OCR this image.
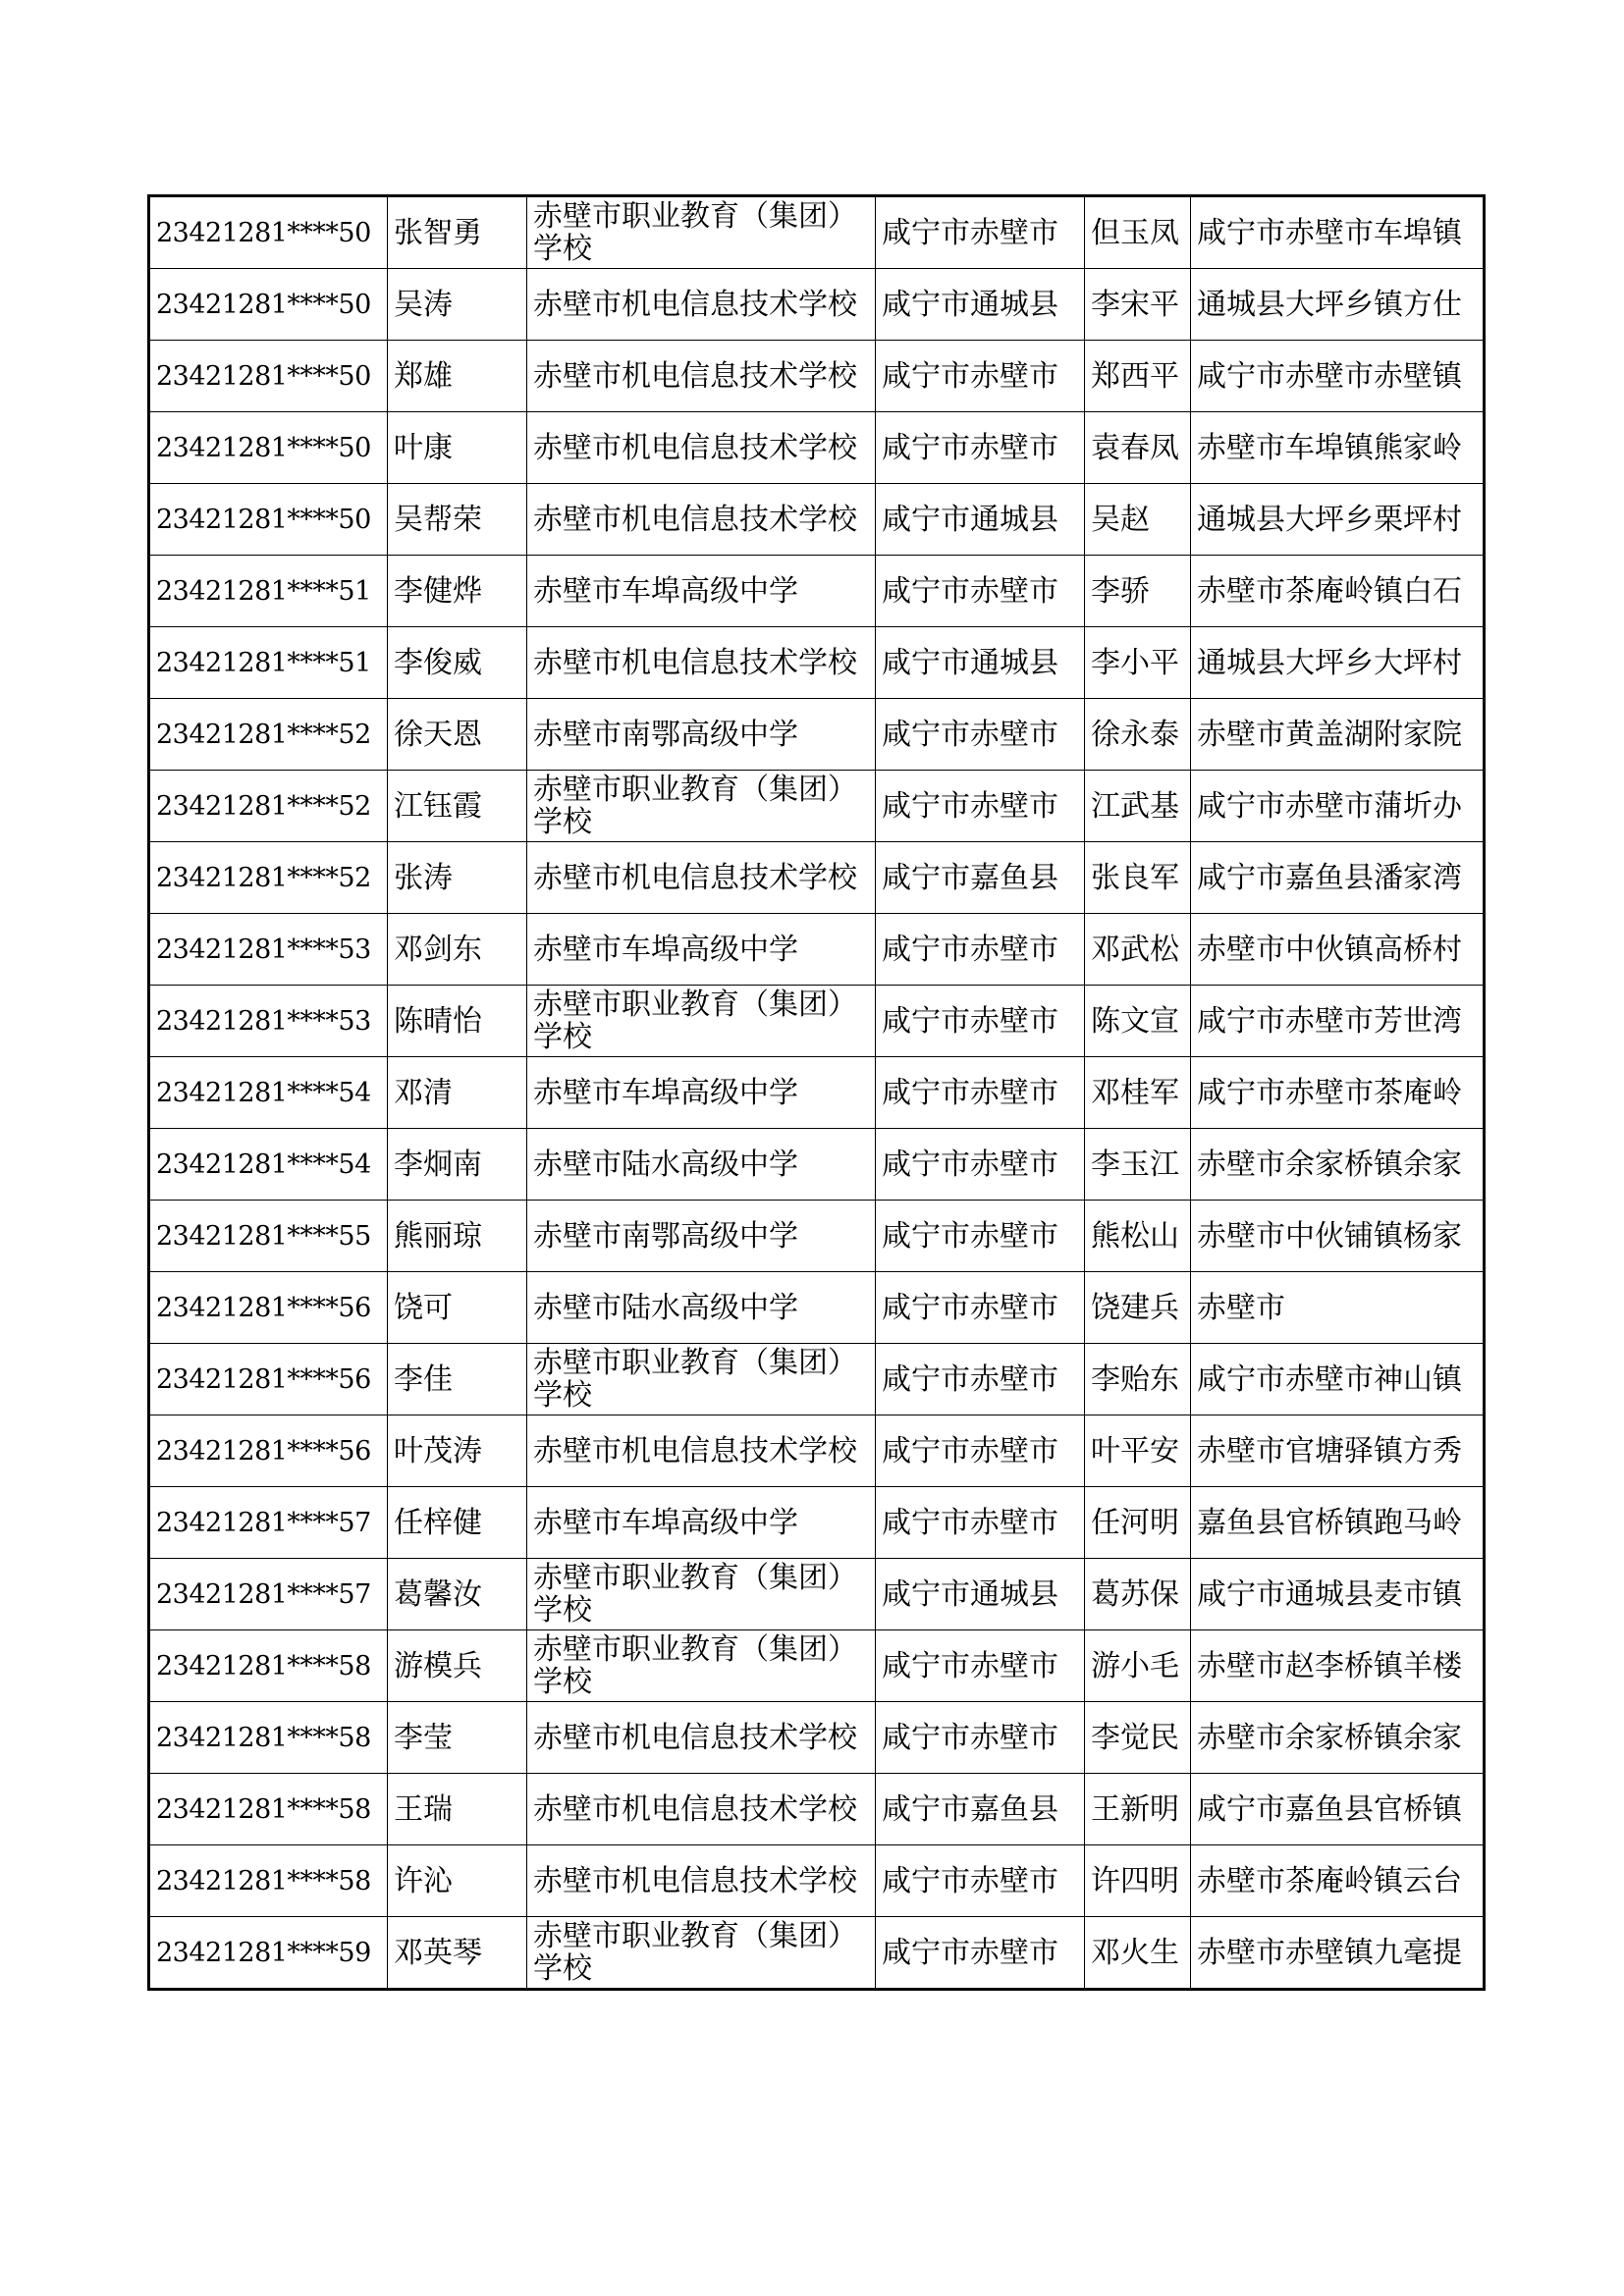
23421281****50	张智勇	赤壁市职业教育（集团）学校	咸宁市赤壁市	但玉凤	咸宁市赤壁市车埠镇
23421281****50	吴涛	赤壁市机电信息技术学校	咸宁市通城县	李宋平	通城县大坪乡镇方仕
23421281****50	郑雄	赤壁市机电信息技术学校	咸宁市赤壁市	郑西平	咸宁市赤壁市赤壁镇
23421281****50	叶康	赤壁市机电信息技术学校	咸宁市赤壁市	袁春凤	赤壁市车埠镇熊家岭
23421281****50	吴帮荣	赤壁市机电信息技术学校	咸宁市通城县	吴赵	通城县大坪乡栗坪村
23421281****51	李健烨	赤壁市车埠高级中学	咸宁市赤壁市	李骄	赤壁市茶庵岭镇白石
23421281****51	李俊威	赤壁市机电信息技术学校	咸宁市通城县	李小平	通城县大坪乡大坪村
23421281****52	徐天恩	赤壁市南鄂高级中学	咸宁市赤壁市	徐永泰	赤壁市黄盖湖附家院
23421281****52	江钰霞	赤壁市职业教育（集团）学校	咸宁市赤壁市	江武基	咸宁市赤壁市蒲圻办
23421281****52	张涛	赤壁市机电信息技术学校	咸宁市嘉鱼县	张良军	咸宁市嘉鱼县潘家湾
23421281****53	邓剑东	赤壁市车埠高级中学	咸宁市赤壁市	邓武松	赤壁市中伙镇高桥村
23421281****53	陈晴怡	赤壁市职业教育（集团）学校	咸宁市赤壁市	陈文宣	咸宁市赤壁市芳世湾
23421281****54	邓清	赤壁市车埠高级中学	咸宁市赤壁市	邓桂军	咸宁市赤壁市茶庵岭
23421281****54	李炯南	赤壁市陆水高级中学	咸宁市赤壁市	李玉江	赤壁市余家桥镇余家
23421281****55	熊丽琼	赤壁市南鄂高级中学	咸宁市赤壁市	熊松山	赤壁市中伙铺镇杨家
23421281****56	饶可	赤壁市陆水高级中学	咸宁市赤壁市	饶建兵	赤壁市
23421281****56	李佳	赤壁市职业教育（集团）学校	咸宁市赤壁市	李贻东	咸宁市赤壁市神山镇
23421281****56	叶茂涛	赤壁市机电信息技术学校	咸宁市赤壁市	叶平安	赤壁市官塘驿镇方秀
23421281****57	任梓健	赤壁市车埠高级中学	咸宁市赤壁市	任河明	嘉鱼县官桥镇跑马岭
23421281****57	葛馨汝	赤壁市职业教育（集团）学校	咸宁市通城县	葛苏保	咸宁市通城县麦市镇
23421281****58	游模兵	赤壁市职业教育（集团）学校	咸宁市赤壁市	游小毛	赤壁市赵李桥镇羊楼
23421281****58	李莹	赤壁市机电信息技术学校	咸宁市赤壁市	李觉民	赤壁市余家桥镇余家
23421281****58	王瑞	赤壁市机电信息技术学校	咸宁市嘉鱼县	王新明	咸宁市嘉鱼县官桥镇
23421281****58	许沁	赤壁市机电信息技术学校	咸宁市赤壁市	许四明	赤壁市茶庵岭镇云台
23421281****59	邓英琴	赤壁市职业教育（集团）学校	咸宁市赤壁市	邓火生	赤壁市赤壁镇九毫提
